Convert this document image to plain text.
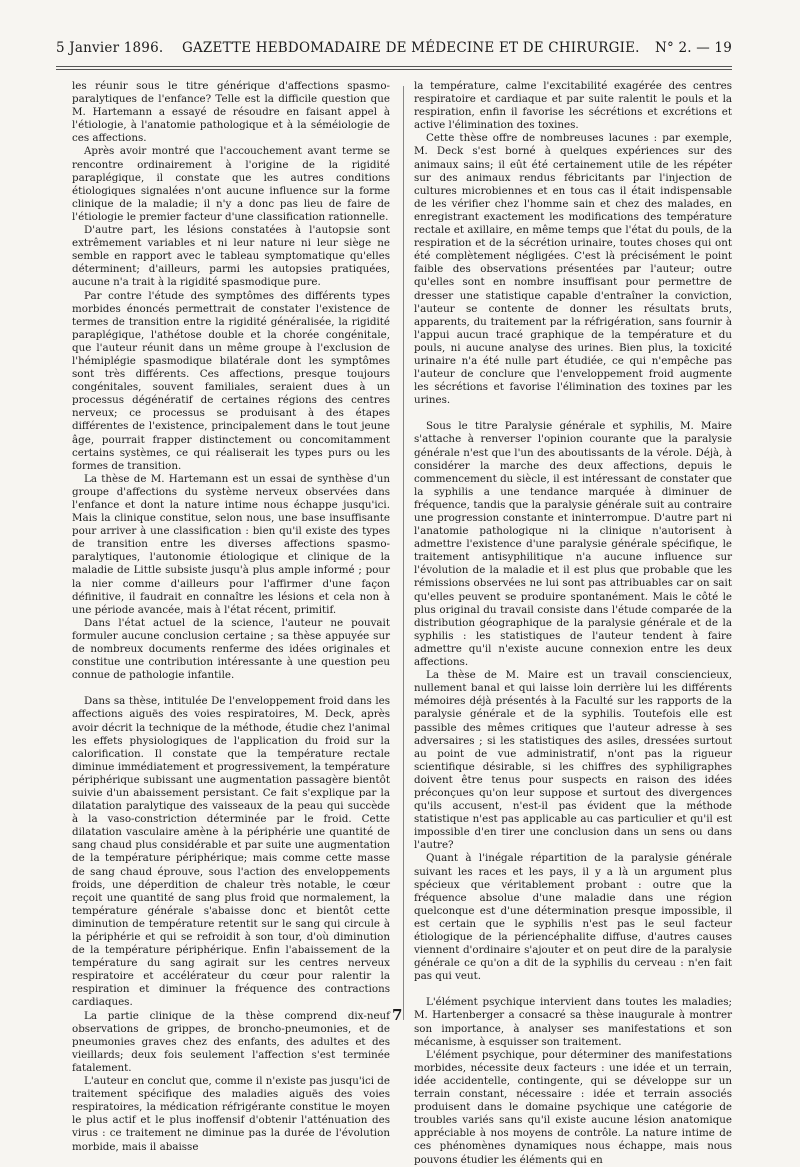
5 Janvier 1896. GAZETTE HEBDOMADAIRE DE MÉDECINE ET DE CHIRURGIE. N° 2. — 19

les réunir sous le titre générique d'affections spasmo-paralytiques de l'enfance? Telle est la difficile question que M. Hartemann a essayé de résoudre en faisant appel à l'étiologie, à l'anatomie pathologique et à la séméiologie de ces affections.

Après avoir montré que l'accouchement avant terme se rencontre ordinairement à l'origine de la rigidité paraplégique, il constate que les autres conditions étiologiques signalées n'ont aucune influence sur la forme clinique de la maladie; il n'y a donc pas lieu de faire de l'étiologie le premier facteur d'une classification rationnelle.

D'autre part, les lésions constatées à l'autopsie sont extrêmement variables et ni leur nature ni leur siège ne semble en rapport avec le tableau symptomatique qu'elles déterminent; d'ailleurs, parmi les autopsies pratiquées, aucune n'a trait à la rigidité spasmodique pure.

Par contre l'étude des symptômes des différents types morbides énoncés permettrait de constater l'existence de termes de transition entre la rigidité généralisée, la rigidité paraplégique, l'athétose double et la chorée congénitale, que l'auteur réunit dans un même groupe à l'exclusion de l'hémiplégie spasmodique bilatérale dont les symptômes sont très différents. Ces affections, presque toujours congénitales, souvent familiales, seraient dues à un processus dégénératif de certaines régions des centres nerveux; ce processus se produisant à des étapes différentes de l'existence, principalement dans le tout jeune âge, pourrait frapper distinctement ou concomitamment certains systèmes, ce qui réaliserait les types purs ou les formes de transition.

La thèse de M. Hartemann est un essai de synthèse d'un groupe d'affections du système nerveux observées dans l'enfance et dont la nature intime nous échappe jusqu'ici. Mais la clinique constitue, selon nous, une base insuffisante pour arriver à une classification : bien qu'il existe des types de transition entre les diverses affections spasmo-paralytiques, l'autonomie étiologique et clinique de la maladie de Little subsiste jusqu'à plus ample informé ; pour la nier comme d'ailleurs pour l'affirmer d'une façon définitive, il faudrait en connaître les lésions et cela non à une période avancée, mais à l'état récent, primitif.

Dans l'état actuel de la science, l'auteur ne pouvait formuler aucune conclusion certaine ; sa thèse appuyée sur de nombreux documents renferme des idées originales et constitue une contribution intéressante à une question peu connue de pathologie infantile.

Dans sa thèse, intitulée De l'enveloppement froid dans les affections aiguës des voies respiratoires, M. Deck, après avoir décrit la technique de la méthode, étudie chez l'animal les effets physiologiques de l'application du froid sur la calorification. Il constate que la température rectale diminue immédiatement et progressivement, la température périphérique subissant une augmentation passagère bientôt suivie d'un abaissement persistant. Ce fait s'explique par la dilatation paralytique des vaisseaux de la peau qui succède à la vaso-constriction déterminée par le froid. Cette dilatation vasculaire amène à la périphérie une quantité de sang chaud plus considérable et par suite une augmentation de la température périphérique; mais comme cette masse de sang chaud éprouve, sous l'action des enveloppements froids, une déperdition de chaleur très notable, le cœur reçoit une quantité de sang plus froid que normalement, la température générale s'abaisse donc et bientôt cette diminution de température retentit sur le sang qui circule à la périphérie et qui se refroidit à son tour, d'où diminution de la température périphérique. Enfin l'abaissement de la température du sang agirait sur les centres nerveux respiratoire et accélérateur du cœur pour ralentir la respiration et diminuer la fréquence des contractions cardiaques.

La partie clinique de la thèse comprend dix-neuf observations de grippes, de broncho-pneumonies, et de pneumonies graves chez des enfants, des adultes et des vieillards; deux fois seulement l'affection s'est terminée fatalement.

L'auteur en conclut que, comme il n'existe pas jusqu'ici de traitement spécifique des maladies aiguës des voies respiratoires, la médication réfrigérante constitue le moyen le plus actif et le plus inoffensif d'obtenir l'atténuation des virus : ce traitement ne diminue pas la durée de l'évolution morbide, mais il abaisse

la température, calme l'excitabilité exagérée des centres respiratoire et cardiaque et par suite ralentit le pouls et la respiration, enfin il favorise les sécrétions et excrétions et active l'élimination des toxines.

Cette thèse offre de nombreuses lacunes : par exemple, M. Deck s'est borné à quelques expériences sur des animaux sains; il eût été certainement utile de les répéter sur des animaux rendus fébricitants par l'injection de cultures microbiennes et en tous cas il était indispensable de les vérifier chez l'homme sain et chez des malades, en enregistrant exactement les modifications des température rectale et axillaire, en même temps que l'état du pouls, de la respiration et de la sécrétion urinaire, toutes choses qui ont été complètement négligées. C'est là précisément le point faible des observations présentées par l'auteur; outre qu'elles sont en nombre insuffisant pour permettre de dresser une statistique capable d'entraîner la conviction, l'auteur se contente de donner les résultats bruts, apparents, du traitement par la réfrigération, sans fournir à l'appui aucun tracé graphique de la température et du pouls, ni aucune analyse des urines. Bien plus, la toxicité urinaire n'a été nulle part étudiée, ce qui n'empêche pas l'auteur de conclure que l'enveloppement froid augmente les sécrétions et favorise l'élimination des toxines par les urines.

Sous le titre Paralysie générale et syphilis, M. Maire s'attache à renverser l'opinion courante que la paralysie générale n'est que l'un des aboutissants de la vérole. Déjà, à considérer la marche des deux affections, depuis le commencement du siècle, il est intéressant de constater que la syphilis a une tendance marquée à diminuer de fréquence, tandis que la paralysie générale suit au contraire une progression constante et ininterrompue. D'autre part ni l'anatomie pathologique ni la clinique n'autorisent à admettre l'existence d'une paralysie générale spécifique, le traitement antisyphilitique n'a aucune influence sur l'évolution de la maladie et il est plus que probable que les rémissions observées ne lui sont pas attribuables car on sait qu'elles peuvent se produire spontanément. Mais le côté le plus original du travail consiste dans l'étude comparée de la distribution géographique de la paralysie générale et de la syphilis : les statistiques de l'auteur tendent à faire admettre qu'il n'existe aucune connexion entre les deux affections.

La thèse de M. Maire est un travail consciencieux, nullement banal et qui laisse loin derrière lui les différents mémoires déjà présentés à la Faculté sur les rapports de la paralysie générale et de la syphilis. Toutefois elle est passible des mêmes critiques que l'auteur adresse à ses adversaires ; si les statistiques des asiles, dressées surtout au point de vue administratif, n'ont pas la rigueur scientifique désirable, si les chiffres des syphiligraphes doivent être tenus pour suspects en raison des idées préconçues qu'on leur suppose et surtout des divergences qu'ils accusent, n'est-il pas évident que la méthode statistique n'est pas applicable au cas particulier et qu'il est impossible d'en tirer une conclusion dans un sens ou dans l'autre?

Quant à l'inégale répartition de la paralysie générale suivant les races et les pays, il y a là un argument plus spécieux que véritablement probant : outre que la fréquence absolue d'une maladie dans une région quelconque est d'une détermination presque impossible, il est certain que le syphilis n'est pas le seul facteur étiologique de la périencéphalite diffuse, d'autres causes viennent d'ordinaire s'ajouter et on peut dire de la paralysie générale ce qu'on a dit de la syphilis du cerveau : n'en fait pas qui veut.

L'élément psychique intervient dans toutes les maladies; M. Hartenberger a consacré sa thèse inaugurale à montrer son importance, à analyser ses manifestations et son mécanisme, à esquisser son traitement.

L'élément psychique, pour déterminer des manifestations morbides, nécessite deux facteurs : une idée et un terrain, idée accidentelle, contingente, qui se développe sur un terrain constant, nécessaire : idée et terrain associés produisent dans le domaine psychique une catégorie de troubles variés sans qu'il existe aucune lésion anatomique appréciable à nos moyens de contrôle. La nature intime de ces phénomènes dynamiques nous échappe, mais nous pouvons étudier les éléments qui en

7
